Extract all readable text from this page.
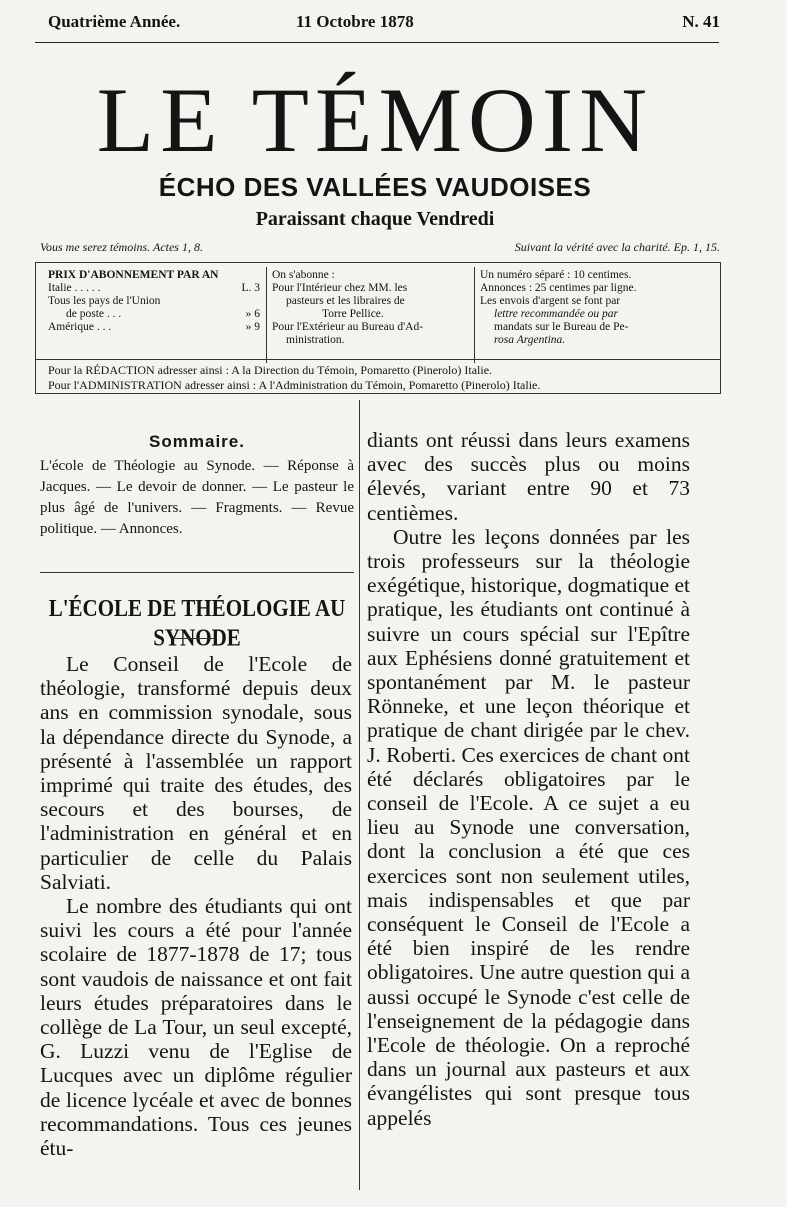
Quatrième Année.	11 Octobre 1878	N. 41
LE TÉMOIN
ÉCHO DES VALLÉES VAUDOISES
Paraissant chaque Vendredi
Vous me serez témoins. Actes 1, 8.	Suivant la vérité avec la charité. Ep. 1, 15.
PRIX D'ABONNEMENT PAR AN
Italie . . . . .	L. 3
Tous les pays de l'Union
de poste . . .	» 6
Amérique . . .	» 9
On s'abonne :
Pour l'Intérieur chez MM. les
pasteurs et les libraires de
Torre Pellice.
Pour l'Extérieur au Bureau d'Ad-
ministration.
Un numéro séparé : 10 centimes.
Annonces : 25 centimes par ligne.
Les envois d'argent se font par
lettre recommandée ou par
mandats sur le Bureau de Pe-
rosa Argentina.
Pour la RÉDACTION adresser ainsi : A la Direction du Témoin, Pomaretto (Pinerolo) Italie.
Pour l'ADMINISTRATION adresser ainsi : A l'Administration du Témoin, Pomaretto (Pinerolo) Italie.
Sommaire.
L'école de Théologie au Synode. — Réponse à Jacques. — Le devoir de donner. — Le pasteur le plus âgé de l'univers. — Fragments. — Revue politique. — Annonces.
L'ÉCOLE DE THÉOLOGIE AU SYNODE

Le Conseil de l'Ecole de théologie, transformé depuis deux ans en commission synodale, sous la dépendance directe du Synode, a présenté à l'assemblée un rapport imprimé qui traite des études, des secours et des bourses, de l'administration en général et en particulier de celle du Palais Salviati.

Le nombre des étudiants qui ont suivi les cours a été pour l'année scolaire de 1877-1878 de 17; tous sont vaudois de naissance et ont fait leurs études préparatoires dans le collège de La Tour, un seul excepté, G. Luzzi venu de l'Eglise de Lucques avec un diplôme régulier de licence lycéale et avec de bonnes recommandations. Tous ces jeunes étu-

diants ont réussi dans leurs examens avec des succès plus ou moins élevés, variant entre 90 et 73 centièmes.

Outre les leçons données par les trois professeurs sur la théologie exégétique, historique, dogmatique et pratique, les étudiants ont continué à suivre un cours spécial sur l'Epître aux Ephésiens donné gratuitement et spontanément par M. le pasteur Rönneke, et une leçon théorique et pratique de chant dirigée par le chev. J. Roberti. Ces exercices de chant ont été déclarés obligatoires par le conseil de l'Ecole. A ce sujet a eu lieu au Synode une conversation, dont la conclusion a été que ces exercices sont non seulement utiles, mais indispensables et que par conséquent le Conseil de l'Ecole a été bien inspiré de les rendre obligatoires. Une autre question qui a aussi occupé le Synode c'est celle de l'enseignement de la pédagogie dans l'Ecole de théologie. On a reproché dans un journal aux pasteurs et aux évangélistes qui sont presque tous appelés
